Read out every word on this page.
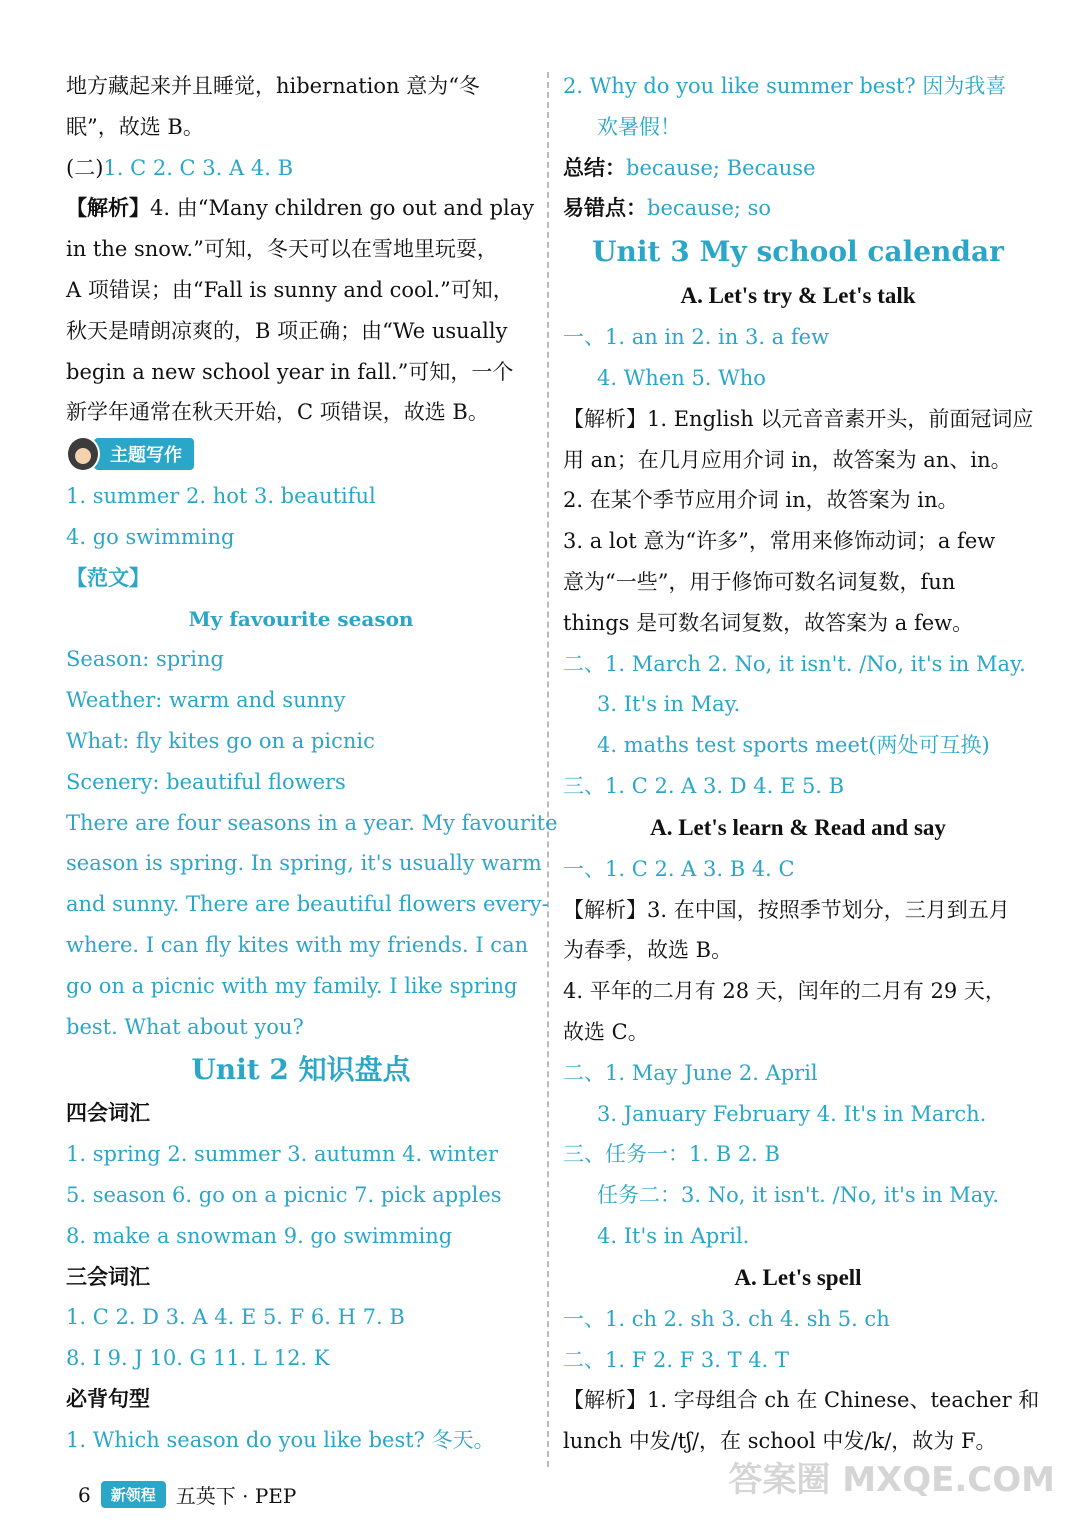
地方藏起来并且睡觉，hibernation 意为“冬
眠”，故选 B。
(二)1. C 2. C 3. A 4. B
【解析】4. 由“Many children go out and play
in the snow.”可知，冬天可以在雪地里玩耍，
A 项错误；由“Fall is sunny and cool.”可知，
秋天是晴朗凉爽的，B 项正确；由“We usually
begin a new school year in fall.”可知，一个
新学年通常在秋天开始，C 项错误，故选 B。
主题写作
1. summer 2. hot 3. beautiful
4. go swimming
【范文】
My favourite season
Season: spring
Weather: warm and sunny
What: fly kites go on a picnic
Scenery: beautiful flowers
There are four seasons in a year. My favourite
season is spring. In spring, it's usually warm
and sunny. There are beautiful flowers every-
where. I can fly kites with my friends. I can
go on a picnic with my family. I like spring
best. What about you?
Unit 2 知识盘点
四会词汇
1. spring 2. summer 3. autumn 4. winter
5. season 6. go on a picnic 7. pick apples
8. make a snowman 9. go swimming
三会词汇
1. C 2. D 3. A 4. E 5. F 6. H 7. B
8. I 9. J 10. G 11. L 12. K
必背句型
1. Which season do you like best? 冬天。
2. Why do you like summer best? 因为我喜
欢暑假！
总结：because; Because
易错点：because; so
Unit 3 My school calendar
A. Let's try & Let's talk
一、1. an in 2. in 3. a few
4. When 5. Who
【解析】1. English 以元音音素开头，前面冠词应
用 an；在几月应用介词 in，故答案为 an、in。
2. 在某个季节应用介词 in，故答案为 in。
3. a lot 意为“许多”，常用来修饰动词；a few
意为“一些”，用于修饰可数名词复数，fun
things 是可数名词复数，故答案为 a few。
二、1. March 2. No, it isn't. /No, it's in May.
3. It's in May.
4. maths test sports meet(两处可互换)
三、1. C 2. A 3. D 4. E 5. B
A. Let's learn & Read and say
一、1. C 2. A 3. B 4. C
【解析】3. 在中国，按照季节划分，三月到五月
为春季，故选 B。
4. 平年的二月有 28 天，闰年的二月有 29 天，
故选 C。
二、1. May June 2. April
3. January February 4. It's in March.
三、任务一：1. B 2. B
任务二：3. No, it isn't. /No, it's in May.
4. It's in April.
A. Let's spell
一、1. ch 2. sh 3. ch 4. sh 5. ch
二、1. F 2. F 3. T 4. T
【解析】1. 字母组合 ch 在 Chinese、teacher 和
lunch 中发/tʃ/，在 school 中发/k/，故为 F。
6	新领程	五英下 · PEP	答案圈 MXQE.COM
